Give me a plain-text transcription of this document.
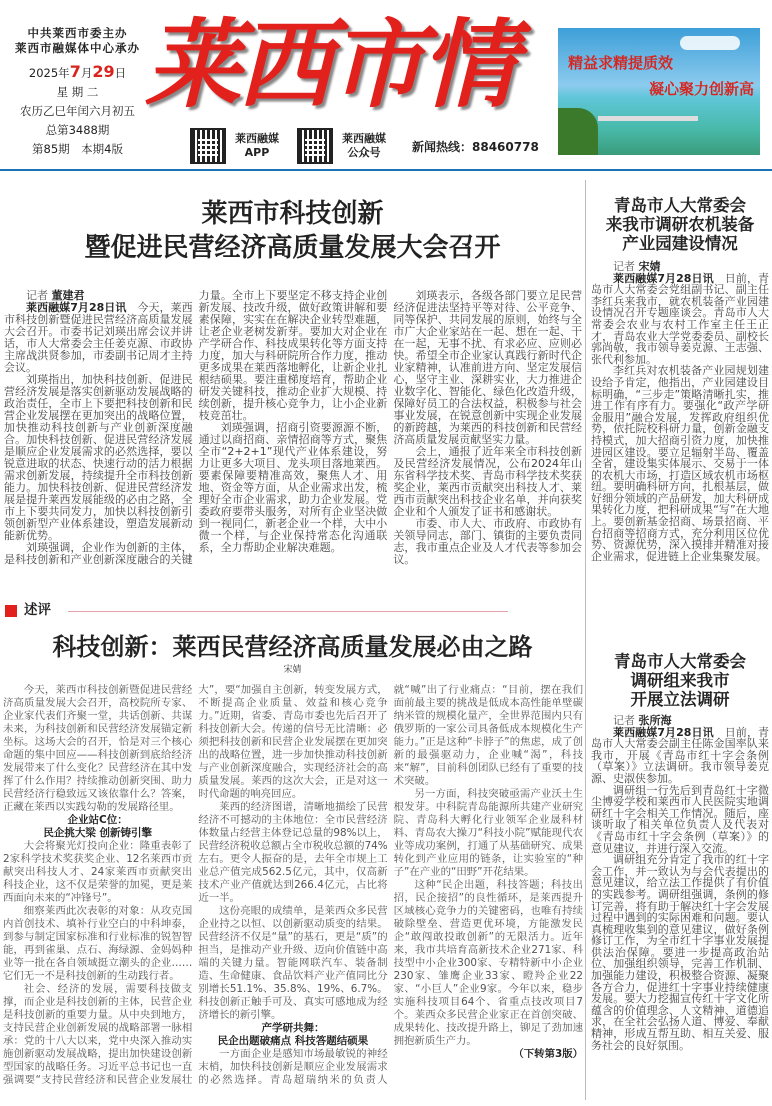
中共莱西市委主办
莱西市融媒体中心承办
2025年7月29日
星 期 二
农历乙巳年闰六月初五
总第3488期
第85期　本期4版
莱西市情
莱西融媒 APP
莱西融媒 公众号	新闻热线：88460778
精益求精提质效
凝心聚力创新高
莱西市科技创新
暨促进民营经济高质量发展大会召开

记者 董建君

莱西融媒7月28日讯　 今天，莱西市科技创新暨促进民营经济高质量发展大会召开。市委书记刘瑛出席会议并讲话，市人大常委会主任姜克源、市政协主席战洪贤参加，市委副书记周才主持会议。

刘瑛指出，加快科技创新、促进民营经济发展是落实创新驱动发展战略的政治责任，全市上下要把科技创新和民营企业发展摆在更加突出的战略位置，加快推动科技创新与产业创新深度融合。加快科技创新、促进民营经济发展是顺应企业发展需求的必然选择，要以锐意进取的状态、快速行动的活力根据需求创新发展，持续提升全市科技创新能力。加快科技创新、促进民营经济发展是提升莱西发展能级的必由之路，全市上下要共同发力，加快以科技创新引领创新型产业体系建设，塑造发展新动能新优势。

刘瑛强调，企业作为创新的主体，是科技创新和产业创新深度融合的关键力量。全市上下要坚定不移支持企业创新发展、技改升级，做好政策讲解和要素保障，实实在在解决企业转型难题，让老企业老树发新芽。要加大对企业在产学研合作、科技成果转化等方面支持力度，加大与科研院所合作力度，推动更多成果在莱西落地孵化，让新企业扎根结硕果。要注重梯度培育，帮助企业研发关键科技，推动企业扩大规模、持续创新，提升核心竞争力，让小企业新枝竞茁壮。

刘瑛强调，招商引资要源源不断，通过以商招商、亲情招商等方式，聚焦全市“2+2+1”现代产业体系建设，努力让更多大项目、龙头项目落地莱西。要素保障要精准高效，聚焦人才、用地、资金等方面，从企业需求出发，梳理好全市企业需求，助力企业发展。党委政府要带头服务，对所有企业坚决做到一视同仁，新老企业一个样，大中小微一个样，与企业保持常态化沟通联系，全力帮助企业解决难题。

刘瑛表示，各级各部门要立足民营经济促进法坚持平等对待、公平竞争、同等保护、共同发展的原则，始终与全市广大企业家站在一起、想在一起、干在一起，无事不扰、有求必应、应则必快。希望全市企业家认真践行新时代企业家精神，认准前进方向、坚定发展信心，坚守主业、深耕实业，大力推进企业数字化、智能化、绿色化改造升级，保障好员工的合法权益，积极参与社会事业发展，在锐意创新中实现企业发展的新跨越，为莱西的科技创新和民营经济高质量发展贡献坚实力量。

会上，通报了近年来全市科技创新及民营经济发展情况，公布2024年山东省科学技术奖、青岛市科学技术奖获奖企业，莱西市贡献突出科技人才、莱西市贡献突出科技企业名单，并向获奖企业和个人颁发了证书和感谢状。

市委、市人大、市政府、市政协有关领导同志，部门、镇街的主要负责同志，我市重点企业及人才代表等参加会议。

青岛市人大常委会
来我市调研农机装备
产业园建设情况

记者 宋婧

莱西融媒7月28日讯　 日前，青岛市人大常委会党组副书记、副主任李红兵来我市，就农机装备产业园建设情况召开专题座谈会。青岛市人大常委会农业与农村工作室主任王正才，青岛农业大学党委委员、副校长郭尚敬，我市领导姜克源、王志强、张代利参加。

李红兵对农机装备产业园规划建设给予肯定，他指出，产业园建设目标明确，“三步走”策略清晰扎实，推进工作有序有力。要强化“政产学研金服用”融合发展，发挥政府组织优势，依托院校科研力量，创新金融支持模式，加大招商引资力度，加快推进园区建设。要立足辐射半岛、覆盖全省，建设集实体展示、交易于一体的农机大市场，打造区域农机市场枢纽。要明确科研方向，扎根基层，做好细分领域的产品研发，加大科研成果转化力度，把科研成果“写”在大地上。要创新基金招商、场景招商、平台招商等招商方式，充分利用区位优势、资源优势，深入摸排并精准对接企业需求，促进链上企业集聚发展。

述评
科技创新：莱西民营经济高质量发展必由之路
宋婧

今天，莱西市科技创新暨促进民营经济高质量发展大会召开，高校院所专家、企业家代表们齐聚一堂，共话创新、共谋未来，为科技创新和民营经济发展锚定新坐标。这场大会的召开，恰是对三个核心命题的集中回应——科技创新到底给经济发展带来了什么变化？民营经济在其中发挥了什么作用？持续推动创新突围、助力民营经济行稳致远又该依靠什么？答案，正藏在莱西以实践勾勒的发展路径里。

企业站C位：
民企挑大梁 创新铸引擎

大会将聚光灯投向企业：隆重表彰了2家科学技术奖获奖企业、12名莱西市贡献突出科技人才、24家莱西市贡献突出科技企业，这不仅是荣誉的加冕，更是莱西面向未来的“冲锋号”。

细察莱西此次表彰的对象：从攻克国内首创技术、填补行业空白的中科坤泰，到参与制定国家标准和行业标准的锐智智能，再到雀巢、点石、海绿源、金妈妈种业等一批在各自领域挺立潮头的企业……它们无一不是科技创新的生动践行者。

社会、经济的发展，需要科技做支撑，而企业是科技创新的主体，民营企业是科技创新的重要力量。从中央到地方，支持民营企业创新发展的战略部署一脉相承：党的十八大以来，党中央深入推动实施创新驱动发展战略，提出加快建设创新型国家的战略任务。习近平总书记也一直强调要“支持民营经济和民营企业发展壮大”，要“加强自主创新，转变发展方式，不断提高企业质量、效益和核心竞争力。”近期，省委、青岛市委也先后召开了科技创新大会。传递的信号无比清晰：必须把科技创新和民营企业发展摆在更加突出的战略位置，进一步加快推动科技创新与产业创新深度融合，实现经济社会的高质量发展。莱西的这次大会，正是对这一时代命题的响亮回应。

莱西的经济图谱，清晰地描绘了民营经济不可撼动的主体地位：全市民营经济体数量占经营主体登记总量的98%以上，民营经济税收总额占全市税收总额的74%左右。更令人振奋的是，去年全市规上工业总产值完成562.5亿元，其中，仅高新技术产业产值就达到266.4亿元，占比将近一半。

这份亮眼的成绩单，是莱西众多民营企业持之以恒、以创新驱动质变的结果。民营经济不仅是“量”的基石，更是“质”的担当，是推动产业升级、迈向价值链中高端的关键力量。智能网联汽车、装备制造、生命健康、食品饮料产业产值同比分别增长51.1%、35.8%、19%、6.7%。科技创新正触手可及、真实可感地成为经济增长的新引擎。

产学研共舞：
民企出题破痛点 科技答题结硕果

一方面企业是感知市场最敏锐的神经末梢，加快科技创新是顺应企业发展需求的必然选择。青岛超瑞纳米的负责人就“喊”出了行业痛点：“目前，摆在我们面前最主要的挑战是低成本高性能单壁碳纳米管的规模化量产，全世界范围内只有俄罗斯的一家公司具备低成本规模化生产能力。”正是这种“卡脖子”的焦虑，成了创新的最强驱动力，企业喊“渴”，科技来“解”，目前科创团队已经有了重要的技术突破。

另一方面，科技突破亟需产业沃土生根发芽。中科院青岛能源所共建产业研究院、青岛科大孵化行业领军企业晟科材料、青岛农大操刀“科技小院”赋能现代农业等成功案例，打通了从基础研究、成果转化到产业应用的链条，让实验室的“种子”在产业的“田野”开花结果。

这种“民企出题，科技答题；科技出招，民企接招”的良性循环，是莱西提升区域核心竞争力的关键密码，也唯有持续破除壁垒、营造更优环境，方能激发民企“敢闯敢投敢创新”的无限活力。近年来，我市共培育高新技术企业271家、科技型中小企业300家、专精特新中小企业230家、雏鹰企业33家、瞪羚企业22家、“小巨人”企业9家。今年以来，稳步实施科技项目64个、省重点技改项目7个。莱西众多民营企业家正在首创突破、成果转化、技改提升路上，铆足了劲加速拥抱新质生产力。

（下转第3版）

青岛市人大常委会
调研组来我市
开展立法调研

记者 张所海

莱西融媒7月28日讯　 日前，青岛市人大常委会副主任陈金国率队来我市，开展《青岛市红十字会条例（草案）》立法调研。我市领导姜克源、史淑侠参加。

调研组一行先后到青岛红十字微尘博爱学校和莱西市人民医院实地调研红十字会相关工作情况。随后，座谈听取了相关单位负责人及代表对《青岛市红十字会条例（草案）》的意见建议，并进行深入交流。

调研组充分肯定了我市的红十字会工作，并一致认为与会代表提出的意见建议，给立法工作提供了有价值的实践参考。调研组强调，条例的修订完善，将有助于解决红十字会发展过程中遇到的实际困难和问题。要认真梳理收集到的意见建议，做好条例修订工作，为全市红十字事业发展提供法治保障。要进一步提高政治站位、加强组织领导，完善工作机制、加强能力建设，积极整合资源、凝聚各方合力，促进红十字事业持续健康发展。要大力挖掘宣传红十字文化所蕴含的价值理念、人文精神、道德追求，在全社会弘扬人道、博爱、奉献精神，形成互帮互助、相互关爱、服务社会的良好氛围。
